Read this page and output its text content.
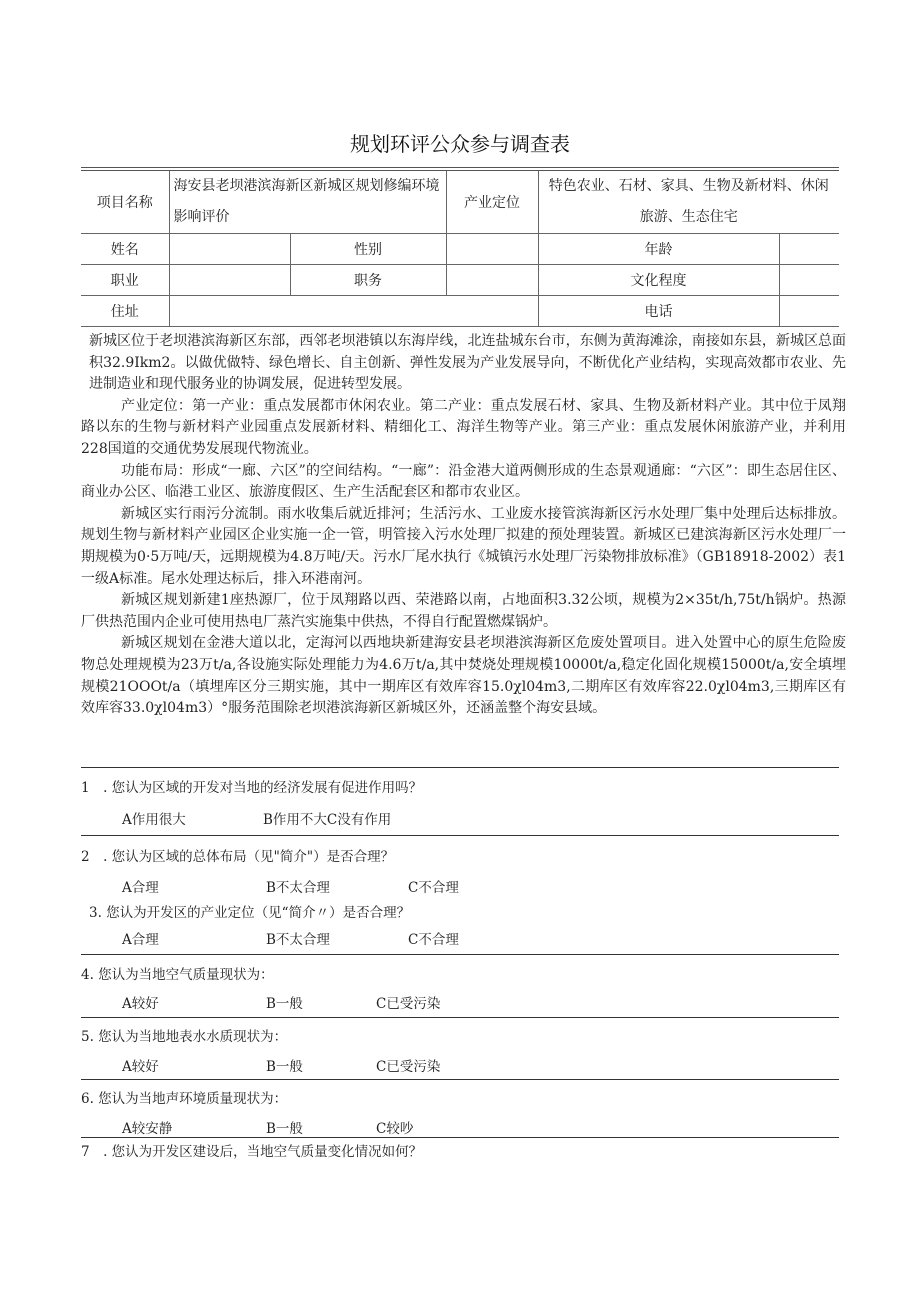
规划环评公众参与调查表
项目名称	海安县老坝港滨海新区新城区规划修编环境影响评价		产业定位	特色农业、石材、家具、生物及新材料、休闲旅游、生态住宅	
姓名		性别		年龄	
职业		职务		文化程度	
住址				电话	

新城区位于老坝港滨海新区东部，西邻老坝港镇以东海岸线，北连盐城东台市，东侧为黄海滩涂，南接如东县，新城区总面积32.9Ikm2。以做优做特、绿色增长、自主创新、弹性发展为产业发展导向，不断优化产业结构，实现高效都市农业、先进制造业和现代服务业的协调发展，促进转型发展。

产业定位：第一产业：重点发展都市休闲农业。第二产业：重点发展石材、家具、生物及新材料产业。其中位于凤翔路以东的生物与新材料产业园重点发展新材料、精细化工、海洋生物等产业。第三产业：重点发展休闲旅游产业，并利用228国道的交通优势发展现代物流业。

功能布局：形成“一廊、六区”的空间结构。“一廊”：沿金港大道两侧形成的生态景观通廊：“六区”：即生态居住区、商业办公区、临港工业区、旅游度假区、生产生活配套区和都市农业区。

新城区实行雨污分流制。雨水收集后就近排河；生活污水、工业废水接管滨海新区污水处理厂集中处理后达标排放。规划生物与新材料产业园区企业实施一企一管，明管接入污水处理厂拟建的预处理装置。新城区已建滨海新区污水处理厂一期规模为0·5万吨/天，远期规模为4.8万吨/天。污水厂尾水执行《城镇污水处理厂污染物排放标准》（GB18918-2002）表1一级A标准。尾水处理达标后，排入环港南河。

新城区规划新建1座热源厂，位于凤翔路以西、荣港路以南，占地面积3.32公顷，规模为2×35t∕h,75t/h锅炉。热源厂供热范围内企业可使用热电厂蒸汽实施集中供热，不得自行配置燃煤锅炉。

新城区规划在金港大道以北，定海河以西地块新建海安县老坝港滨海新区危废处置项目。进入处置中心的原生危险废物总处理规模为23万t∕a,各设施实际处理能力为4.6万t∕a,其中焚烧处理规模10000t∕a,稳定化固化规模15000t∕a,安全填埋规模21OOOt∕a（填埋库区分三期实施，其中一期库区有效库容15.0χl04m3,二期库区有效库容22.0χl04m3,三期库区有效库容33.0χl04m3）°服务范围除老坝港滨海新区新城区外，还涵盖整个海安县域。

1　. 您认为区域的开发对当地的经济发展有促进作用吗？
A作用很大	B作用不大C没有作用
2　. 您认为区域的总体布局（见"简介"）是否合理？
A合理	B不太合理	C不合理
3. 您认为开发区的产业定位（见“简介〃）是否合理？
A合理	B不太合理	C不合理
4. 您认为当地空气质量现状为：
A较好	B一般	C已受污染
5. 您认为当地地表水水质现状为：
A较好	B一般	C已受污染
6. 您认为当地声环境质量现状为：
A较安静	B一般	C较吵
7　. 您认为开发区建设后，当地空气质量变化情况如何？
